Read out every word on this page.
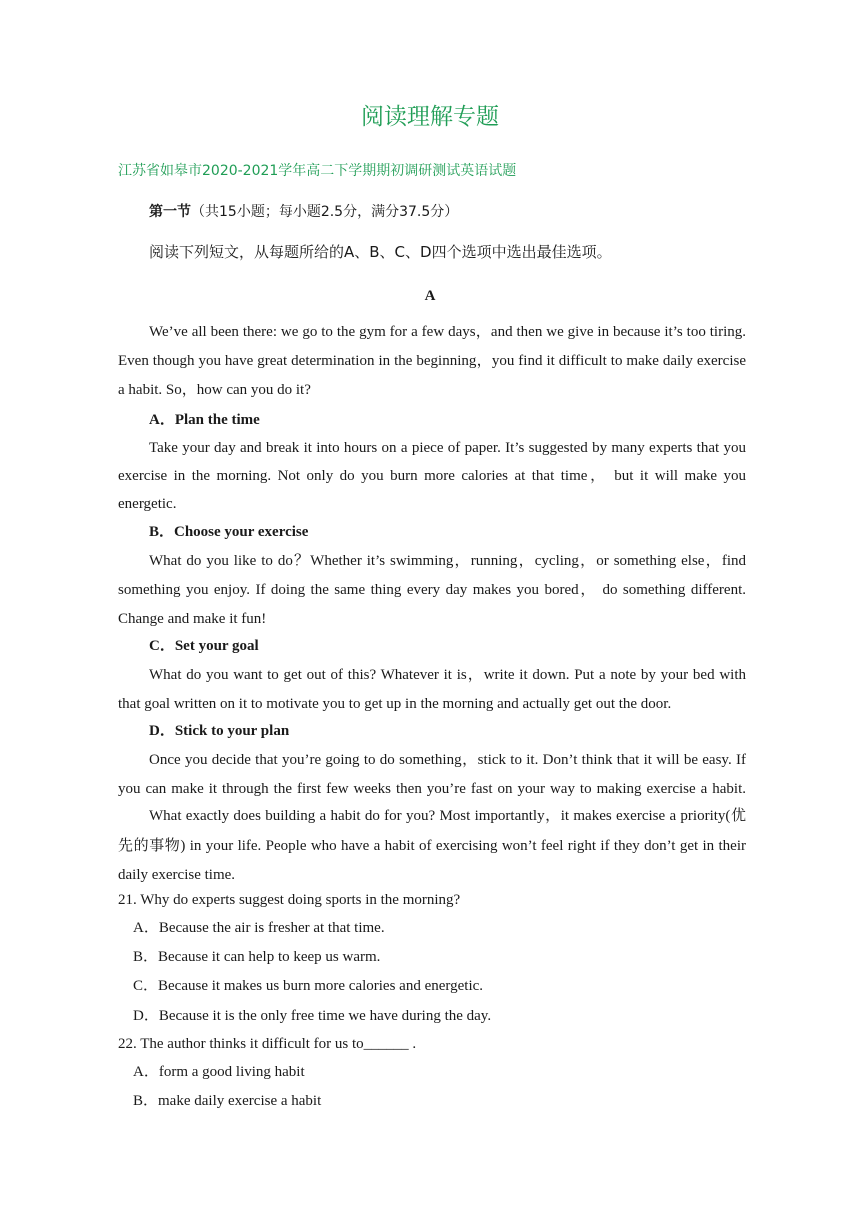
阅读理解专题
江苏省如皋市2020-2021学年高二下学期期初调研测试英语试题
第一节（共15小题；每小题2.5分，满分37.5分）
阅读下列短文，从每题所给的A、B、C、D四个选项中选出最佳选项。
A
We’ve all been there: we go to the gym for a few days，and then we give in because it’s too tiring.
Even though you have great determination in the beginning，you find it difficult to make daily exercise
a habit. So，how can you do it?
A．Plan the time
Take your day and break it into hours on a piece of paper. It’s suggested by many experts that you
exercise in the morning. Not only do you burn more calories at that time， but it will make you
energetic.
B．Choose your exercise
What do you like to do？Whether it’s swimming，running，cycling，or something else，find
something you enjoy. If doing the same thing every day makes you bored， do something different.
Change and make it fun!
C．Set your goal
What do you want to get out of this? Whatever it is，write it down. Put a note by your bed with
that goal written on it to motivate you to get up in the morning and actually get out the door.
D．Stick to your plan
Once you decide that you’re going to do something，stick to it. Don’t think that it will be easy. If
you can make it through the first few weeks then you’re fast on your way to making exercise a habit.
What exactly does building a habit do for you? Most importantly，it makes exercise a priority(优
先的事物) in your life. People who have a habit of exercising won’t feel right if they don’t get in their
daily exercise time.
21. Why do experts suggest doing sports in the morning?
A．Because the air is fresher at that time.
B．Because it can help to keep us warm.
C．Because it makes us burn more calories and energetic.
D．Because it is the only free time we have during the day.
22. The author thinks it difficult for us to______ .
A．form a good living habit
B．make daily exercise a habit
